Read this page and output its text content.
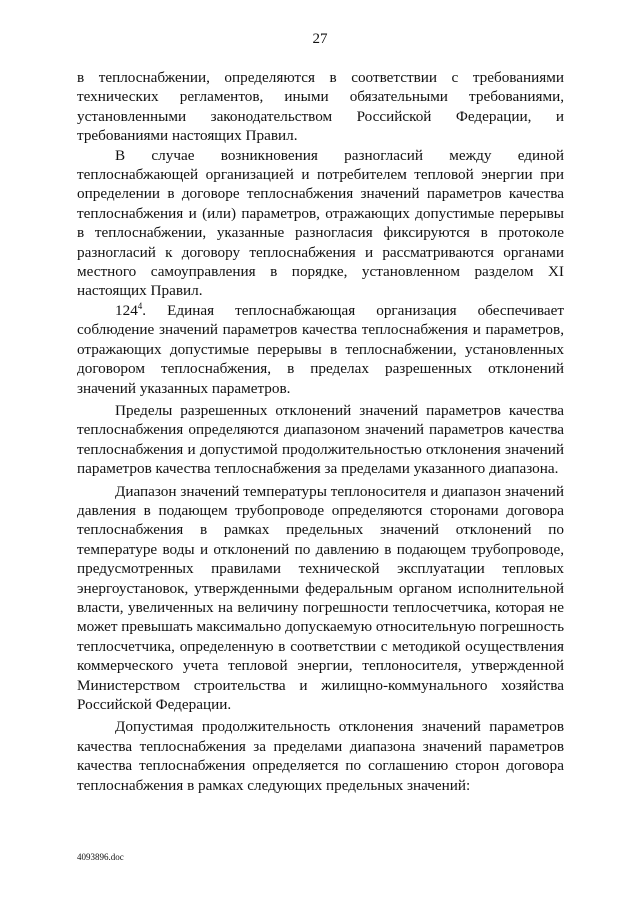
27

в теплоснабжении, определяются в соответствии с требованиями технических регламентов, иными обязательными требованиями, установленными законодательством Российской Федерации, и требованиями настоящих Правил.

В случае возникновения разногласий между единой теплоснабжающей организацией и потребителем тепловой энергии при определении в договоре теплоснабжения значений параметров качества теплоснабжения и (или) параметров, отражающих допустимые перерывы в теплоснабжении, указанные разногласия фиксируются в протоколе разногласий к договору теплоснабжения и рассматриваются органами местного самоуправления в порядке, установленном разделом XI настоящих Правил.

$124^4$. Единая теплоснабжающая организация обеспечивает соблюдение значений параметров качества теплоснабжения и параметров, отражающих допустимые перерывы в теплоснабжении, установленных договором теплоснабжения, в пределах разрешенных отклонений значений указанных параметров.

Пределы разрешенных отклонений значений параметров качества теплоснабжения определяются диапазоном значений параметров качества теплоснабжения и допустимой продолжительностью отклонения значений параметров качества теплоснабжения за пределами указанного диапазона.

Диапазон значений температуры теплоносителя и диапазон значений давления в подающем трубопроводе определяются сторонами договора теплоснабжения в рамках предельных значений отклонений по температуре воды и отклонений по давлению в подающем трубопроводе, предусмотренных правилами технической эксплуатации тепловых энергоустановок, утвержденными федеральным органом исполнительной власти, увеличенных на величину погрешности теплосчетчика, которая не может превышать максимально допускаемую относительную погрешность теплосчетчика, определенную в соответствии с методикой осуществления коммерческого учета тепловой энергии, теплоносителя, утвержденной Министерством строительства и жилищно-коммунального хозяйства Российской Федерации.

Допустимая продолжительность отклонения значений параметров качества теплоснабжения за пределами диапазона значений параметров качества теплоснабжения определяется по соглашению сторон договора теплоснабжения в рамках следующих предельных значений:

4093896.doc
